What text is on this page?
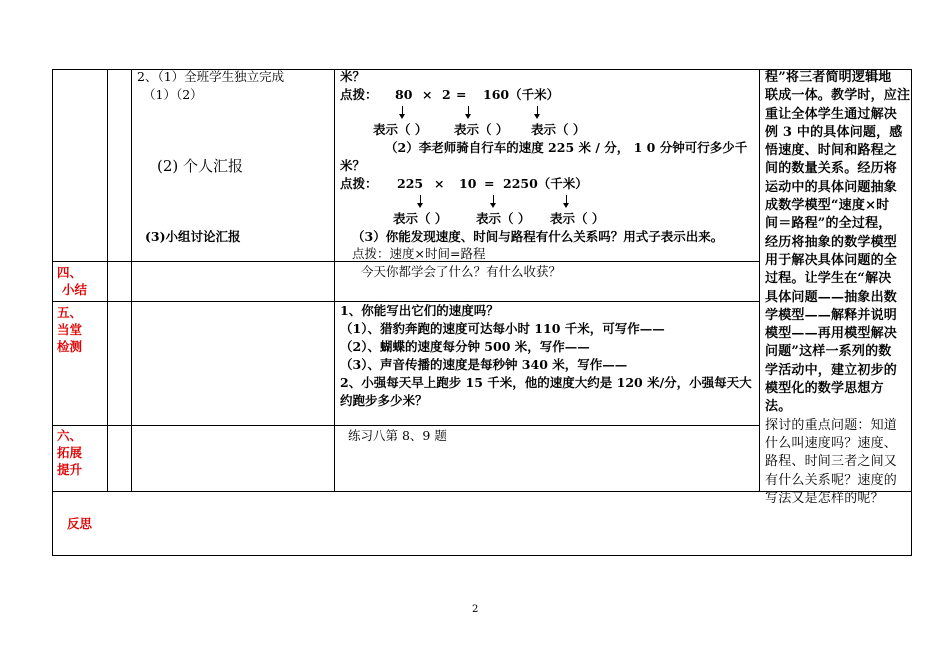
2、（1）全班学生独立完成
（1）（2）
(2) 个人汇报
(3)小组讨论汇报
米？
点拨： 80 × 2 = 160（千米）
表示（ ） 表示（ ） 表示（ ）
（2）李老师骑自行车的速度 225 米 / 分， 1 0 分钟可行多少千
米？
点拨： 225 × 10 = 2250（千米）
表示（ ） 表示（ ） 表示（ ）
（3）你能发现速度、时间与路程有什么关系吗？用式子表示出来。
点拨：速度×时间=路程
今天你都学会了什么？有什么收获？
1、你能写出它们的速度吗？
（1）、猎豹奔跑的速度可达每小时 110 千米，可写作——
（2）、蝴蝶的速度每分钟 500 米，写作——
（3）、声音传播的速度是每秒钟 340 米，写作——
2、小强每天早上跑步 15 千米，他的速度大约是 120 米/分，小强每天大
约跑步多少米？
练习八第 8、9 题
四、
小结
五、
当堂
检测
六、
拓展
提升
反思
程”将三者简明逻辑地
联成一体。教学时，应注
重让全体学生通过解决
例 3 中的具体问题，感
悟速度、时间和路程之
间的数量关系。经历将
运动中的具体问题抽象
成数学模型“速度×时
间＝路程”的全过程，
经历将抽象的数学模型
用于解决具体问题的全
过程。让学生在“解决
具体问题——抽象出数
学模型——解释并说明
模型——再用模型解决
问题”这样一系列的数
学活动中，建立初步的
模型化的数学思想方
法。
探讨的重点问题：知道
什么叫速度吗？速度、
路程、时间三者之间又
有什么关系呢？速度的
写法又是怎样的呢？
2
